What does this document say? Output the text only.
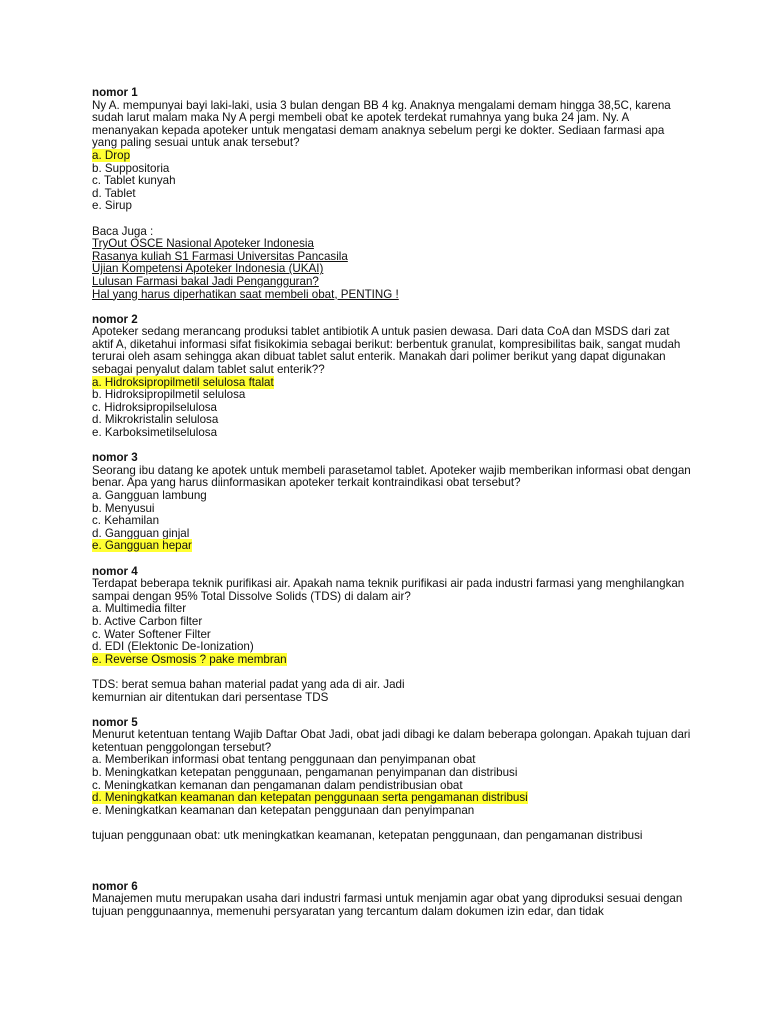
nomor 1

Ny A. mempunyai bayi laki-laki, usia 3 bulan dengan BB 4 kg. Anaknya mengalami demam hingga 38,5C, karena sudah larut malam maka Ny A pergi membeli obat ke apotek terdekat rumahnya yang buka 24 jam. Ny. A menanyakan kepada apoteker untuk mengatasi demam anaknya sebelum pergi ke dokter. Sediaan farmasi apa yang paling sesuai untuk anak tersebut?

a. Drop

b. Suppositoria

c. Tablet kunyah

d. Tablet

e. Sirup

Baca Juga :

TryOut OSCE Nasional Apoteker Indonesia
Rasanya kuliah S1 Farmasi Universitas Pancasila
Ujian Kompetensi Apoteker Indonesia (UKAI)
Lulusan Farmasi bakal Jadi Pengangguran?
Hal yang harus diperhatikan saat membeli obat, PENTING !

nomor 2

Apoteker sedang merancang produksi tablet antibiotik A untuk pasien dewasa. Dari data CoA dan MSDS dari zat aktif A, diketahui informasi sifat fisikokimia sebagai berikut: berbentuk granulat, kompresibilitas baik, sangat mudah terurai oleh asam sehingga akan dibuat tablet salut enterik. Manakah dari polimer berikut yang dapat digunakan sebagai penyalut dalam tablet salut enterik??

a. Hidroksipropilmetil selulosa ftalat

b. Hidroksipropilmetil selulosa

c. Hidroksipropilselulosa

d. Mikrokristalin selulosa

e. Karboksimetilselulosa

nomor 3

Seorang ibu datang ke apotek untuk membeli parasetamol tablet. Apoteker wajib memberikan informasi obat dengan benar. Apa yang harus diinformasikan apoteker terkait kontraindikasi obat tersebut?

a. Gangguan lambung

b. Menyusui

c. Kehamilan

d. Gangguan ginjal

e. Gangguan hepar

nomor 4

Terdapat beberapa teknik purifikasi air. Apakah nama teknik purifikasi air pada industri farmasi yang menghilangkan sampai dengan 95% Total Dissolve Solids (TDS) di dalam air?

a. Multimedia filter

b. Active Carbon filter

c. Water Softener Filter

d. EDI (Elektonic De-Ionization)

e. Reverse Osmosis ? pake membran

TDS: berat semua bahan material padat yang ada di air. Jadi

kemurnian air ditentukan dari persentase TDS

nomor 5

Menurut ketentuan tentang Wajib Daftar Obat Jadi, obat jadi dibagi ke dalam beberapa golongan. Apakah tujuan dari ketentuan penggolongan tersebut?

a. Memberikan informasi obat tentang penggunaan dan penyimpanan obat

b. Meningkatkan ketepatan penggunaan, pengamanan penyimpanan dan distribusi

c. Meningkatkan kemanan dan pengamanan dalam pendistribusian obat

d. Meningkatkan keamanan dan ketepatan penggunaan serta pengamanan distribusi

e. Meningkatkan keamanan dan ketepatan penggunaan dan penyimpanan

tujuan penggunaan obat: utk meningkatkan keamanan, ketepatan penggunaan, dan pengamanan distribusi

nomor 6

Manajemen mutu merupakan usaha dari industri farmasi untuk menjamin agar obat yang diproduksi sesuai dengan tujuan penggunaannya, memenuhi persyaratan yang tercantum dalam dokumen izin edar, dan tidak
